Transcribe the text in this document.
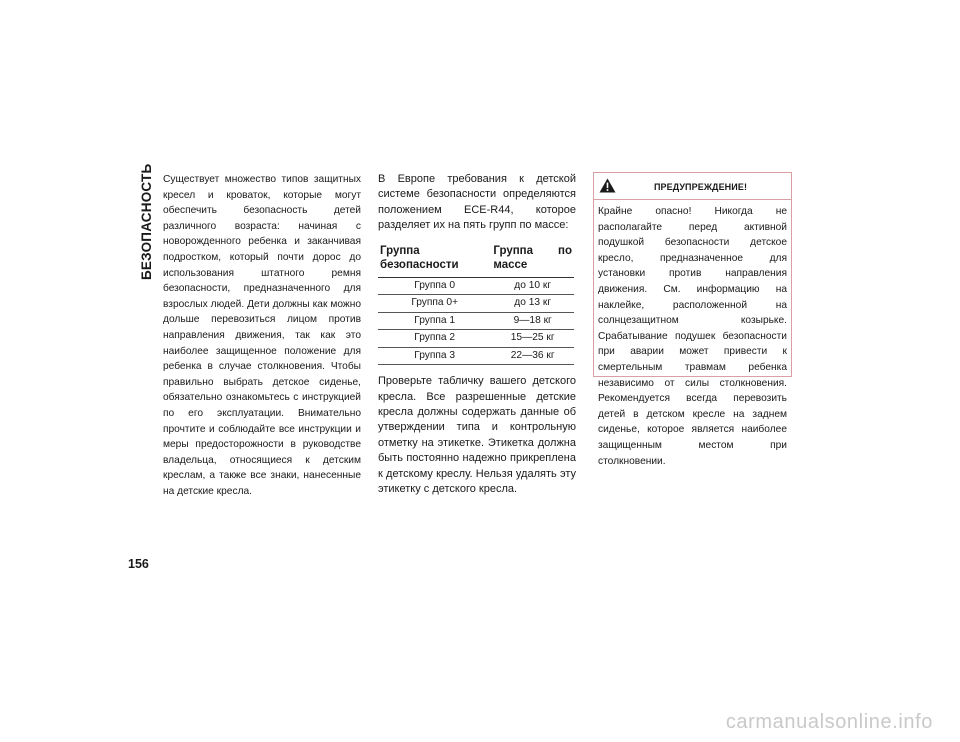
БЕЗОПАСНОСТЬ Существует множество типов защитных кресел и кроваток, которые могут обеспечить безопасность детей различного возраста: начиная с новорожденного ребенка и заканчивая подростком, который почти дорос до использования штатного ремня безопасности, предназначенного для взрослых людей. Дети должны как можно дольше перевозиться лицом против направления движения, так как это наиболее защищенное положение для ребенка в случае столкновения. Чтобы правильно выбрать детское сиденье, обязательно ознакомьтесь с инструкцией по его эксплуатации. Внимательно прочтите и соблюдайте все инструкции и меры предосторожности в руководстве владельца, относящиеся к детским креслам, а также все знаки, нанесенные на детские кресла.

В Европе требования к детской системе безопасности определяются положением ECE-R44, которое разделяет их на пять групп по массе:

Группа безопасности	Группа по массе
Группа 0	до 10 кг
Группа 0+	до 13 кг
Группа 1	9—18 кг
Группа 2	15—25 кг
Группа 3	22—36 кг

Проверьте табличку вашего детского кресла. Все разрешенные детские кресла должны содержать данные об утверждении типа и контрольную отметку на этикетке. Этикетка должна быть постоянно надежно прикреплена к детскому креслу. Нельзя удалять эту этикетку с детского кресла.

ПРЕДУПРЕЖДЕНИЕ!
Крайне опасно! Никогда не располагайте перед активной подушкой безопасности детское кресло, предназначенное для установки против направления движения. См. информацию на наклейке, расположенной на солнцезащитном козырьке. Срабатывание подушек безопасности при аварии может привести к смертельным травмам ребенка независимо от силы столкновения. Рекомендуется всегда перевозить детей в детском кресле на заднем сиденье, которое является наиболее защищенным местом при столкновении.
156
carmanualsonline.info
